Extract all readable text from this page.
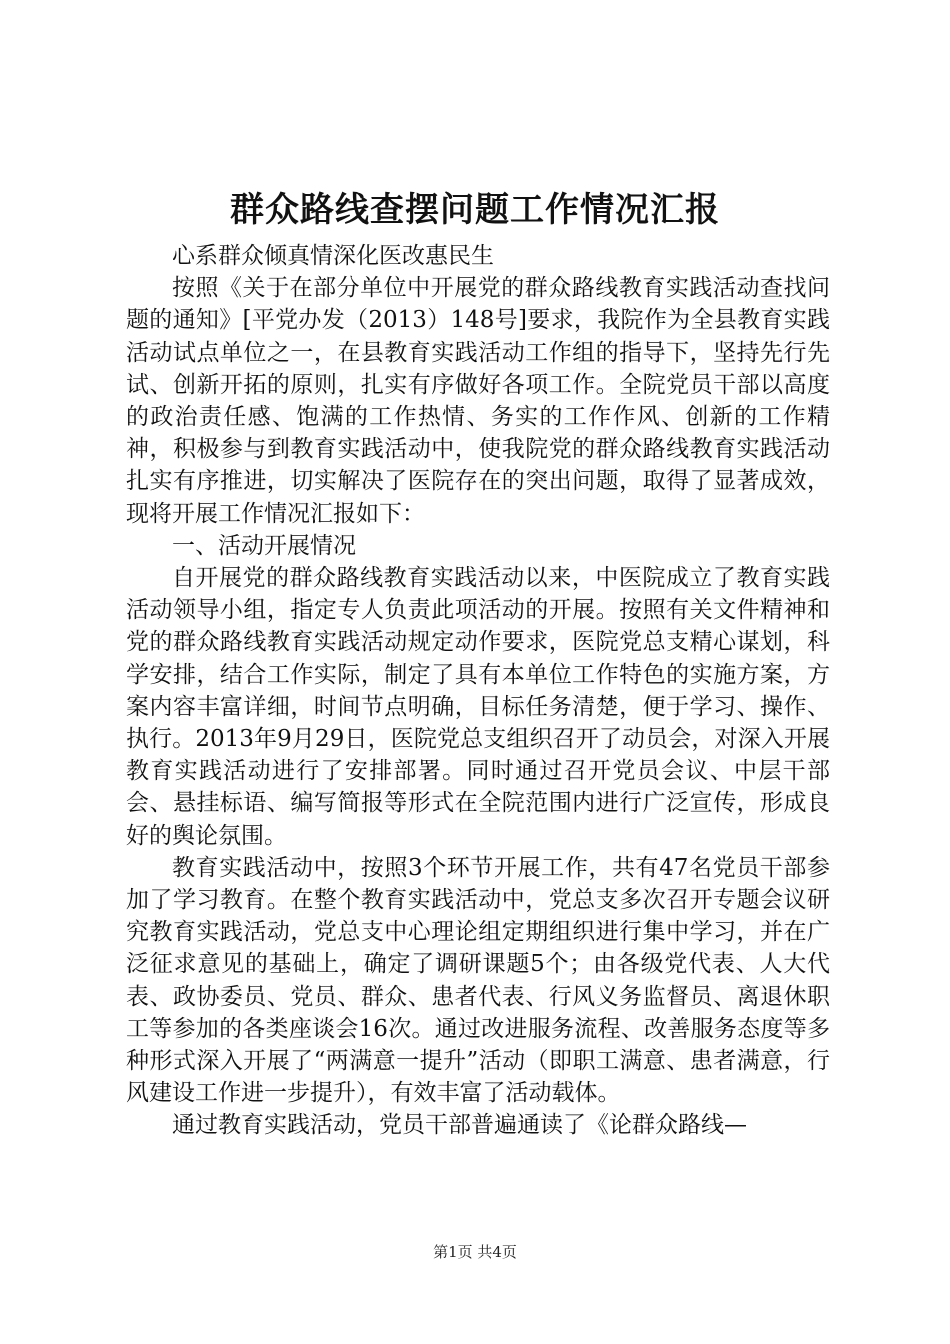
群众路线查摆问题工作情况汇报

心系群众倾真情深化医改惠民生

按照《关于在部分单位中开展党的群众路线教育实践活动查找问题的通知》[平党办发（2013）148号]要求，我院作为全县教育实践活动试点单位之一，在县教育实践活动工作组的指导下，坚持先行先试、创新开拓的原则，扎实有序做好各项工作。全院党员干部以高度的政治责任感、饱满的工作热情、务实的工作作风、创新的工作精神，积极参与到教育实践活动中，使我院党的群众路线教育实践活动扎实有序推进，切实解决了医院存在的突出问题，取得了显著成效，现将开展工作情况汇报如下：

一、活动开展情况

自开展党的群众路线教育实践活动以来，中医院成立了教育实践活动领导小组，指定专人负责此项活动的开展。按照有关文件精神和党的群众路线教育实践活动规定动作要求，医院党总支精心谋划，科学安排，结合工作实际，制定了具有本单位工作特色的实施方案，方案内容丰富详细，时间节点明确，目标任务清楚，便于学习、操作、执行。2013年9月29日，医院党总支组织召开了动员会，对深入开展教育实践活动进行了安排部署。同时通过召开党员会议、中层干部会、悬挂标语、编写简报等形式在全院范围内进行广泛宣传，形成良好的舆论氛围。

教育实践活动中，按照3个环节开展工作，共有47名党员干部参加了学习教育。在整个教育实践活动中，党总支多次召开专题会议研究教育实践活动，党总支中心理论组定期组织进行集中学习，并在广泛征求意见的基础上，确定了调研课题5个；由各级党代表、人大代表、政协委员、党员、群众、患者代表、行风义务监督员、离退休职工等参加的各类座谈会16次。通过改进服务流程、改善服务态度等多种形式深入开展了“两满意一提升”活动（即职工满意、患者满意，行风建设工作进一步提升），有效丰富了活动载体。

通过教育实践活动，党员干部普遍通读了《论群众路线—

第1页 共4页
